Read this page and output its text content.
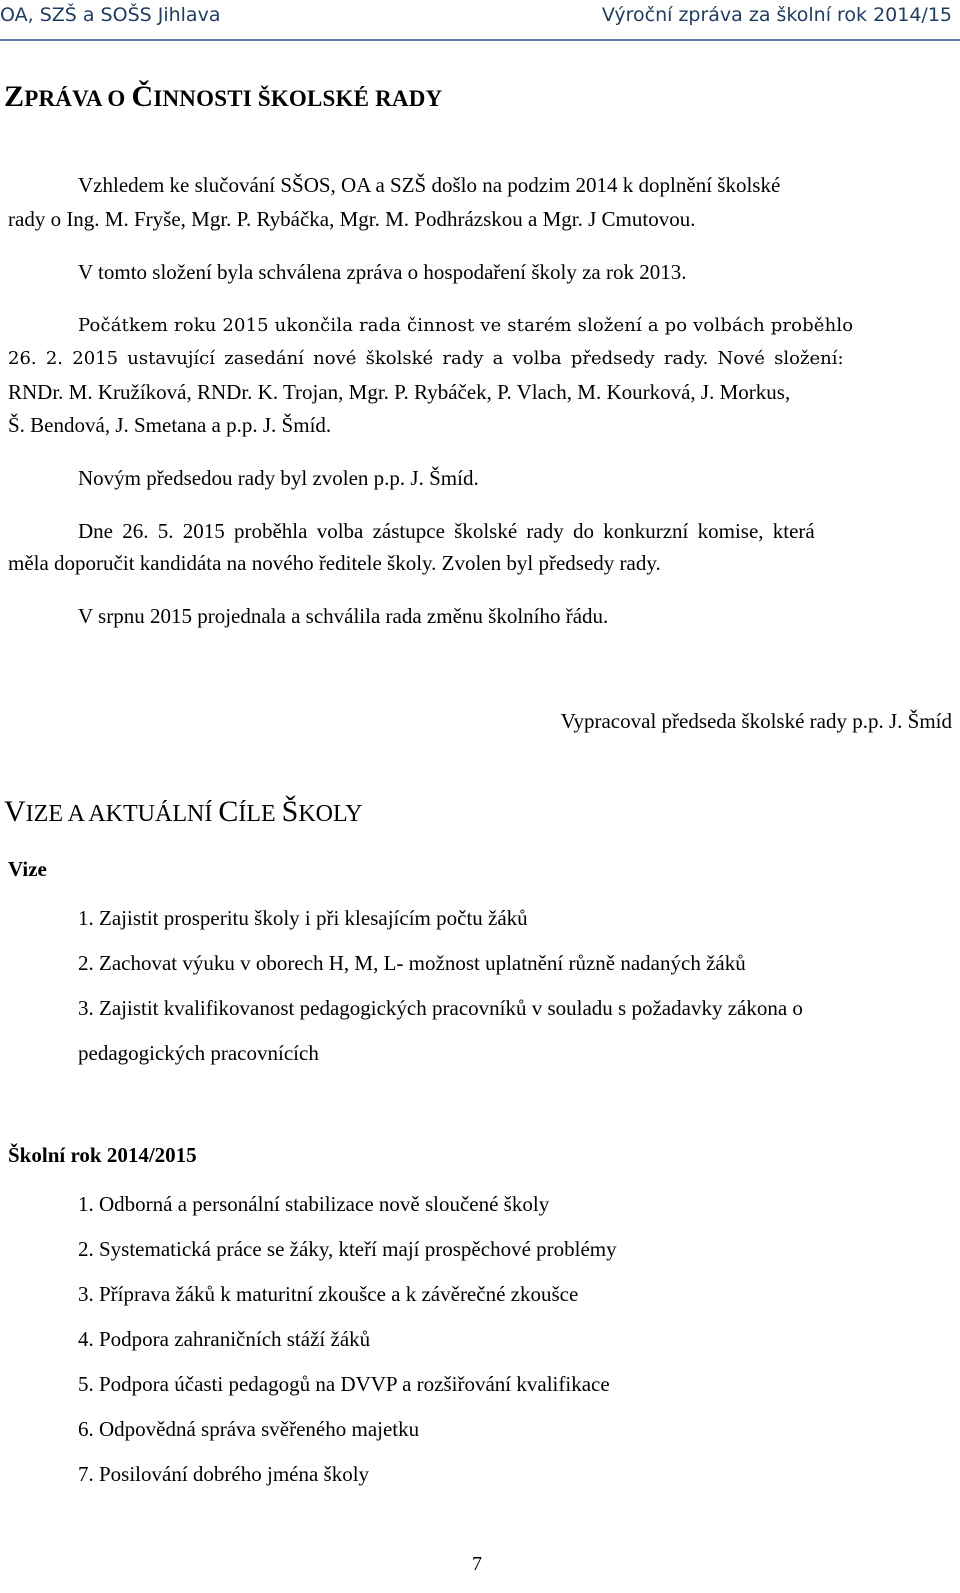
OA, SZŠ a SOŠS Jihlava	Výroční zpráva za školní rok 2014/15
ZPRÁVA O ČINNOSTI ŠKOLSKÉ RADY
Vzhledem ke slučování SŠOS, OA a SZŠ došlo na podzim 2014 k doplnění školské
rady o Ing. M. Fryše, Mgr. P. Rybáčka, Mgr. M. Podhrázskou a Mgr. J Cmutovou.
V tomto složení byla schválena zpráva o hospodaření školy za rok 2013.
Počátkem roku 2015 ukončila rada činnost ve starém složení a po volbách proběhlo
26. 2. 2015 ustavující zasedání nové školské rady a volba předsedy rady. Nové složení:
RNDr. M. Kružíková, RNDr. K. Trojan, Mgr. P. Rybáček, P. Vlach, M. Kourková, J. Morkus,
Š. Bendová, J. Smetana a p.p. J. Šmíd.
Novým předsedou rady byl zvolen p.p. J. Šmíd.
Dne 26. 5. 2015 proběhla volba zástupce školské rady do konkurzní komise, která
měla doporučit kandidáta na nového ředitele školy. Zvolen byl předsedy rady.
V srpnu 2015 projednala a schválila rada změnu školního řádu.
Vypracoval předseda školské rady p.p. J. Šmíd
VIZE A AKTUÁLNÍ CÍLE ŠKOLY
Vize
1. Zajistit prosperitu školy i při klesajícím počtu žáků
2. Zachovat výuku v oborech H, M, L- možnost uplatnění různě nadaných žáků
3. Zajistit kvalifikovanost pedagogických pracovníků v souladu s požadavky zákona o
pedagogických pracovnících
Školní rok 2014/2015
1. Odborná a personální stabilizace nově sloučené školy
2. Systematická práce se žáky, kteří mají prospěchové problémy
3. Příprava žáků k maturitní zkoušce a k závěrečné zkoušce
4. Podpora zahraničních stáží žáků
5. Podpora účasti pedagogů na DVVP a rozšiřování kvalifikace
6. Odpovědná správa svěřeného majetku
7. Posilování dobrého jména školy
7
